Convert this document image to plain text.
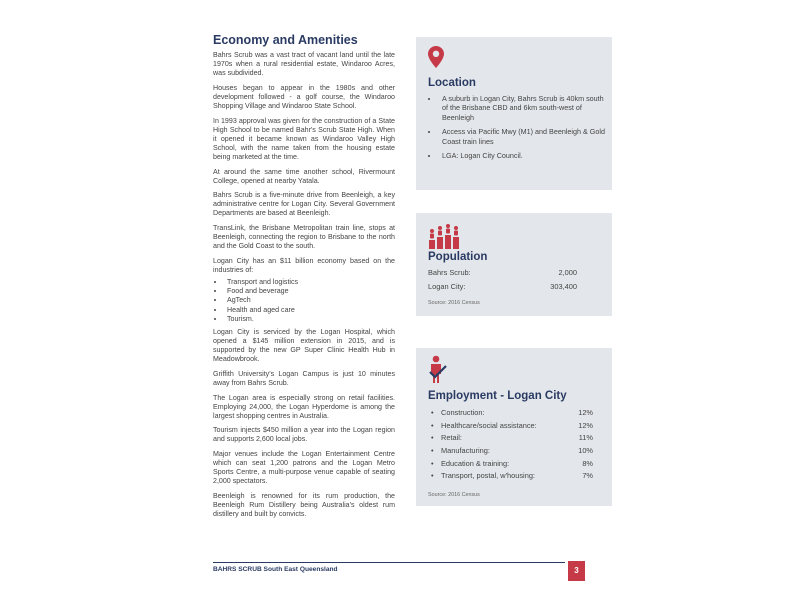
Economy and Amenities

Bahrs Scrub was a vast tract of vacant land until the late 1970s when a rural residential estate, Windaroo Acres, was subdivided.

Houses began to appear in the 1980s and other development followed - a golf course, the Windaroo Shopping Village and Windaroo State School.

In 1993 approval was given for the construction of a State High School to be named Bahr's Scrub State High. When it opened it became known as Windaroo Valley High School, with the name taken from the housing estate being marketed at the time.

At around the same time another school, Rivermount College, opened at nearby Yatala.

Bahrs Scrub is a five-minute drive from Beenleigh, a key administrative centre for Logan City. Several Government Departments are based at Beenleigh.

TransLink, the Brisbane Metropolitan train line, stops at Beenleigh, connecting the region to Brisbane to the north and the Gold Coast to the south.

Logan City has an $11 billion economy based on the industries of:

• Transport and logistics
• Food and beverage
• AgTech
• Health and aged care
• Tourism.

Logan City is serviced by the Logan Hospital, which opened a $145 million extension in 2015, and is supported by the new GP Super Clinic Health Hub in Meadowbrook.

Griffith University's Logan Campus is just 10 minutes away from Bahrs Scrub.

The Logan area is especially strong on retail facilities. Employing 24,000, the Logan Hyperdome is among the largest shopping centres in Australia.

Tourism injects $450 million a year into the Logan region and supports 2,600 local jobs.

Major venues include the Logan Entertainment Centre which can seat 1,200 patrons and the Logan Metro Sports Centre, a multi-purpose venue capable of seating 2,000 spectators.

Beenleigh is renowned for its rum production, the Beenleigh Rum Distillery being Australia's oldest rum distillery and built by convicts.

Location
• A suburb in Logan City, Bahrs Scrub is 40km south of the Brisbane CBD and 6km south-west of Beenleigh
• Access via Pacific Mwy (M1) and Beenleigh & Gold Coast train lines
• LGA: Logan City Council.
Population
Bahrs Scrub:	2,000
Logan City:	303,400
Source: 2016 Census
Employment - Logan City
• Construction:	12%
• Healthcare/social assistance:	12%
• Retail:	11%
• Manufacturing:	10%
• Education & training:	8%
• Transport, postal, w'housing:	7%
Source: 2016 Census
BAHRS SCRUB South East Queensland	3
